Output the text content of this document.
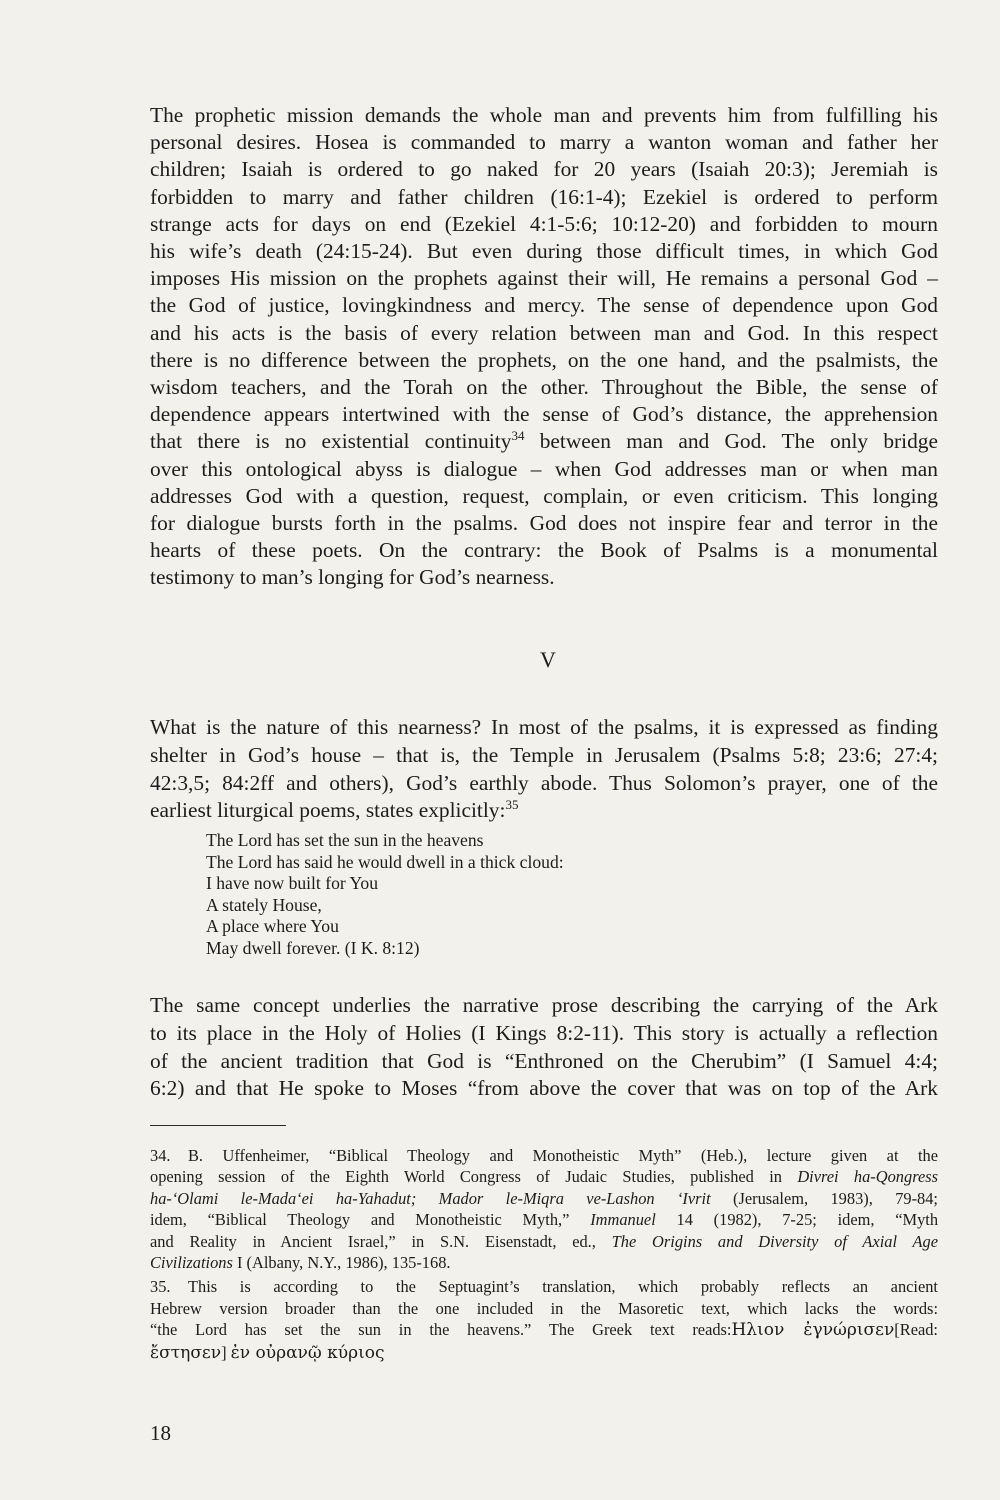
The prophetic mission demands the whole man and prevents him from fulfilling his

personal desires. Hosea is commanded to marry a wanton woman and father her

children; Isaiah is ordered to go naked for 20 years (Isaiah 20:3); Jeremiah is

forbidden to marry and father children (16:1-4); Ezekiel is ordered to perform

strange acts for days on end (Ezekiel 4:1-5:6; 10:12-20) and forbidden to mourn

his wife’s death (24:15-24). But even during those difficult times, in which God

imposes His mission on the prophets against their will, He remains a personal God –

the God of justice, lovingkindness and mercy. The sense of dependence upon God

and his acts is the basis of every relation between man and God. In this respect

there is no difference between the prophets, on the one hand, and the psalmists, the

wisdom teachers, and the Torah on the other. Throughout the Bible, the sense of

dependence appears intertwined with the sense of God’s distance, the apprehension

that there is no existential continuity$^{34}$ between man and God. The only bridge

over this ontological abyss is dialogue – when God addresses man or when man

addresses God with a question, request, complain, or even criticism. This longing

for dialogue bursts forth in the psalms. God does not inspire fear and terror in the

hearts of these poets. On the contrary: the Book of Psalms is a monumental

testimony to man’s longing for God’s nearness.

V

What is the nature of this nearness? In most of the psalms, it is expressed as finding

shelter in God’s house – that is, the Temple in Jerusalem (Psalms 5:8; 23:6; 27:4;

42:3,5; 84:2ff and others), God’s earthly abode. Thus Solomon’s prayer, one of the

earliest liturgical poems, states explicitly:$^{35}$

The Lord has set the sun in the heavens
The Lord has said he would dwell in a thick cloud:
I have now built for You
A stately House,
A place where You
May dwell forever. (I K. 8:12)

The same concept underlies the narrative prose describing the carrying of the Ark

to its place in the Holy of Holies (I Kings 8:2-11). This story is actually a reflection

of the ancient tradition that God is “Enthroned on the Cherubim” (I Samuel 4:4;

6:2) and that He spoke to Moses “from above the cover that was on top of the Ark

34. B. Uffenheimer, “Biblical Theology and Monotheistic Myth” (Heb.), lecture given at the
opening session of the Eighth World Congress of Judaic Studies, published in Divrei ha-Qongress
ha-‘Olami le-Mada‘ei ha-Yahadut; Mador le-Miqra ve-Lashon ‘Ivrit (Jerusalem, 1983), 79-84;
idem, “Biblical Theology and Monotheistic Myth,” Immanuel 14 (1982), 7-25; idem, “Myth
and Reality in Ancient Israel,” in S.N. Eisenstadt, ed., The Origins and Diversity of Axial Age
Civilizations I (Albany, N.Y., 1986), 135-168.
35. This is according to the Septuagint’s translation, which probably reflects an ancient
Hebrew version broader than the one included in the Masoretic text, which lacks the words:
“the Lord has set the sun in the heavens.” The Greek text reads:Ηλιον ἐγνώρισεν[Read:
ἔστησεν] ἐν οὐρανῷ κύριος
18
